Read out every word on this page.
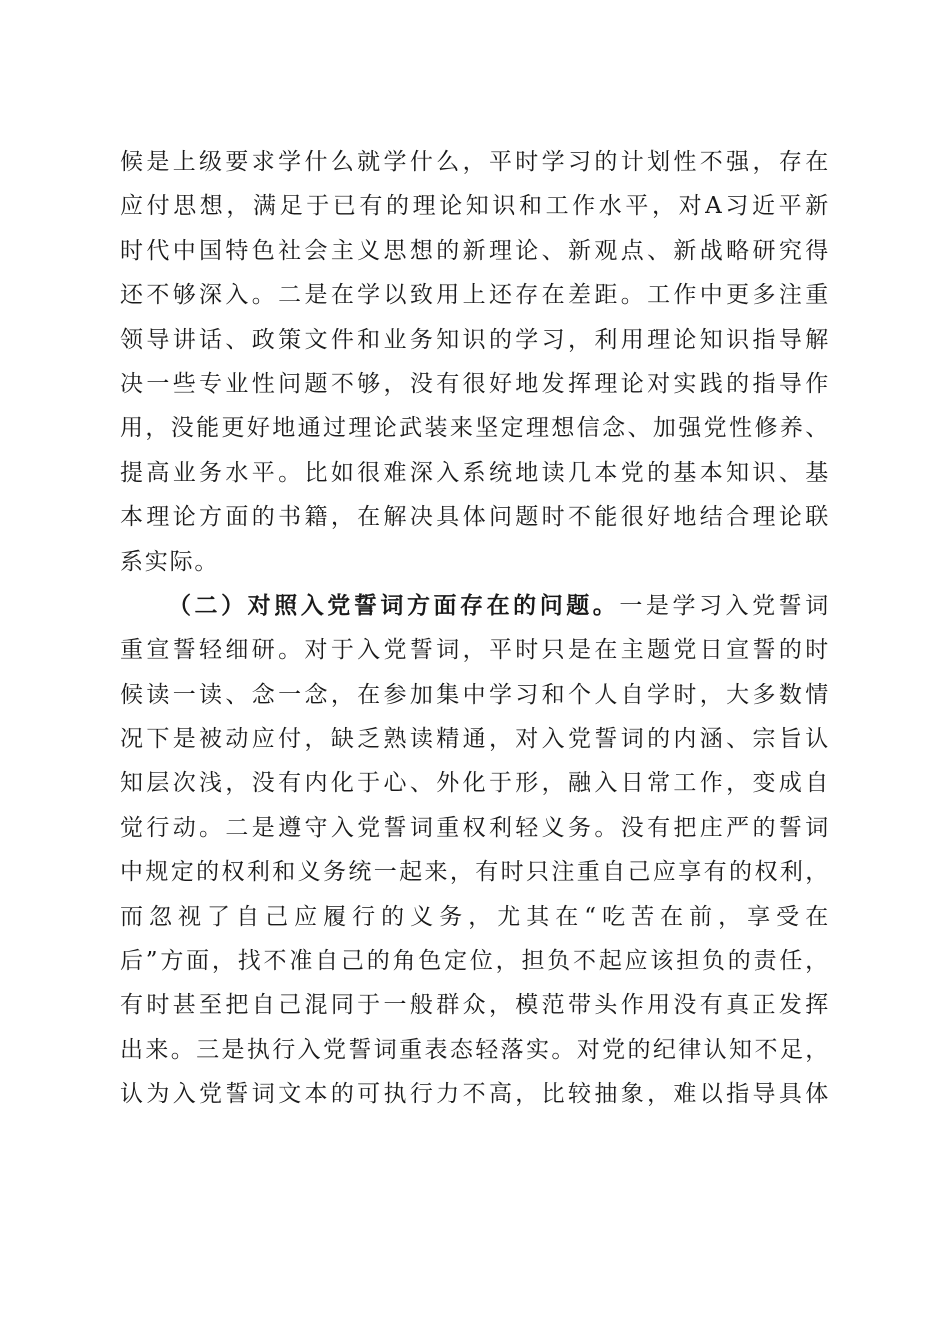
候是上级要求学什么就学什么，平时学习的计划性不强，存在
应付思想，满足于已有的理论知识和工作水平，对A习近平新
时代中国特色社会主义思想的新理论、新观点、新战略研究得
还不够深入。二是在学以致用上还存在差距。工作中更多注重
领导讲话、政策文件和业务知识的学习，利用理论知识指导解
决一些专业性问题不够，没有很好地发挥理论对实践的指导作
用，没能更好地通过理论武装来坚定理想信念、加强党性修养、
提高业务水平。比如很难深入系统地读几本党的基本知识、基
本理论方面的书籍，在解决具体问题时不能很好地结合理论联
系实际。
（二）对照入党誓词方面存在的问题。一是学习入党誓词
重宣誓轻细研。对于入党誓词，平时只是在主题党日宣誓的时
候读一读、念一念，在参加集中学习和个人自学时，大多数情
况下是被动应付，缺乏熟读精通，对入党誓词的内涵、宗旨认
知层次浅，没有内化于心、外化于形，融入日常工作，变成自
觉行动。二是遵守入党誓词重权利轻义务。没有把庄严的誓词
中规定的权利和义务统一起来，有时只注重自己应享有的权利，
而忽视了自己应履行的义务，尤其在“吃苦在前，享受在
后”方面，找不准自己的角色定位，担负不起应该担负的责任，
有时甚至把自己混同于一般群众，模范带头作用没有真正发挥
出来。三是执行入党誓词重表态轻落实。对党的纪律认知不足，
认为入党誓词文本的可执行力不高，比较抽象，难以指导具体
